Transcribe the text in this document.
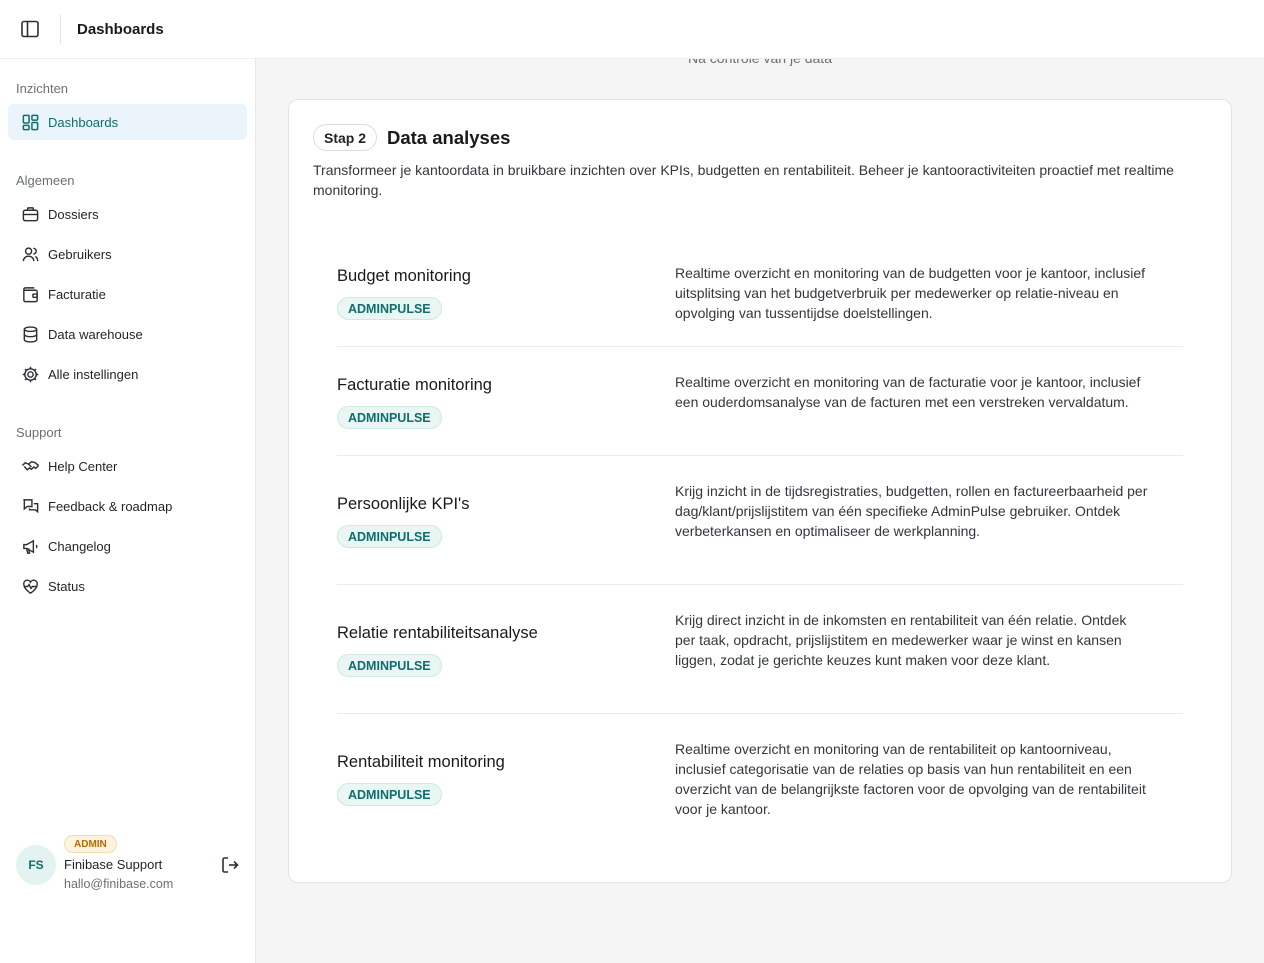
Dashboards
Inzichten
Dashboards
Algemeen
Dossiers
Gebruikers
Facturatie
Data warehouse
Alle instellingen
Support
Help Center
Feedback & roadmap
Changelog
Status
FS
ADMIN
Finibase Support
hallo@finibase.com
Stap 2	Data analyses
Transformeer je kantoordata in bruikbare inzichten over KPIs, budgetten en rentabiliteit. Beheer je kantooractiviteiten proactief met realtime monitoring.
Budget monitoring
ADMINPULSE
Realtime overzicht en monitoring van de budgetten voor je kantoor, inclusief uitsplitsing van het budgetverbruik per medewerker op relatie-niveau en opvolging van tussentijdse doelstellingen.
Facturatie monitoring
ADMINPULSE
Realtime overzicht en monitoring van de facturatie voor je kantoor, inclusief een ouderdomsanalyse van de facturen met een verstreken vervaldatum.
Persoonlijke KPI's
ADMINPULSE
Krijg inzicht in de tijdsregistraties, budgetten, rollen en factureerbaarheid per dag/klant/prijslijstitem van één specifieke AdminPulse gebruiker. Ontdek verbeterkansen en optimaliseer de werkplanning.
Relatie rentabiliteitsanalyse
ADMINPULSE
Krijg direct inzicht in de inkomsten en rentabiliteit van één relatie. Ontdek per taak, opdracht, prijslijstitem en medewerker waar je winst en kansen liggen, zodat je gerichte keuzes kunt maken voor deze klant.
Rentabiliteit monitoring
ADMINPULSE
Realtime overzicht en monitoring van de rentabiliteit op kantoorniveau, inclusief categorisatie van de relaties op basis van hun rentabiliteit en een overzicht van de belangrijkste factoren voor de opvolging van de rentabiliteit voor je kantoor.
